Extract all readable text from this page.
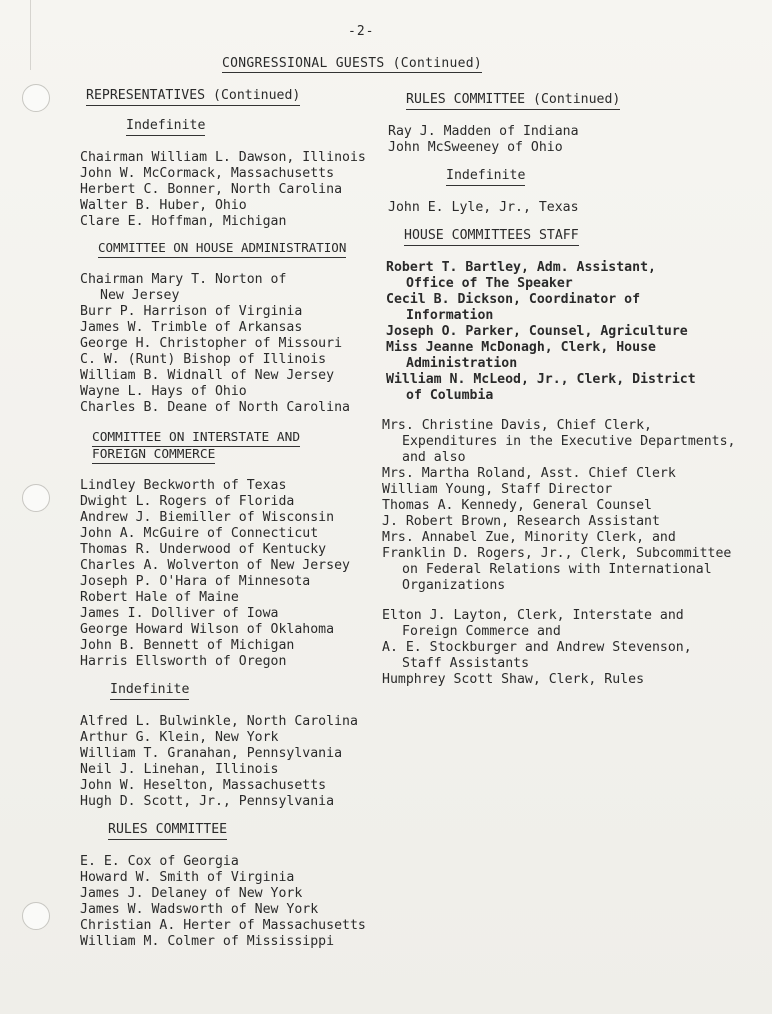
-2-
CONGRESSIONAL GUESTS (Continued)
REPRESENTATIVES (Continued)
Indefinite
Chairman William L. Dawson, Illinois
John W. McCormack, Massachusetts
Herbert C. Bonner, North Carolina
Walter B. Huber, Ohio
Clare E. Hoffman, Michigan
COMMITTEE ON HOUSE ADMINISTRATION
Chairman Mary T. Norton of
New Jersey
Burr P. Harrison of Virginia
James W. Trimble of Arkansas
George H. Christopher of Missouri
C. W. (Runt) Bishop of Illinois
William B. Widnall of New Jersey
Wayne L. Hays of Ohio
Charles B. Deane of North Carolina
COMMITTEE ON INTERSTATE AND
FOREIGN COMMERCE
Lindley Beckworth of Texas
Dwight L. Rogers of Florida
Andrew J. Biemiller of Wisconsin
John A. McGuire of Connecticut
Thomas R. Underwood of Kentucky
Charles A. Wolverton of New Jersey
Joseph P. O'Hara of Minnesota
Robert Hale of Maine
James I. Dolliver of Iowa
George Howard Wilson of Oklahoma
John B. Bennett of Michigan
Harris Ellsworth of Oregon
Indefinite
Alfred L. Bulwinkle, North Carolina
Arthur G. Klein, New York
William T. Granahan, Pennsylvania
Neil J. Linehan, Illinois
John W. Heselton, Massachusetts
Hugh D. Scott, Jr., Pennsylvania
RULES COMMITTEE
E. E. Cox of Georgia
Howard W. Smith of Virginia
James J. Delaney of New York
James W. Wadsworth of New York
Christian A. Herter of Massachusetts
William M. Colmer of Mississippi
RULES COMMITTEE (Continued)
Ray J. Madden of Indiana
John McSweeney of Ohio
Indefinite
John E. Lyle, Jr., Texas
HOUSE COMMITTEES STAFF
Robert T. Bartley, Adm. Assistant,
Office of The Speaker
Cecil B. Dickson, Coordinator of
Information
Joseph O. Parker, Counsel, Agriculture
Miss Jeanne McDonagh, Clerk, House
Administration
William N. McLeod, Jr., Clerk, District
of Columbia
Mrs. Christine Davis, Chief Clerk,
Expenditures in the Executive Departments,
and also
Mrs. Martha Roland, Asst. Chief Clerk
William Young, Staff Director
Thomas A. Kennedy, General Counsel
J. Robert Brown, Research Assistant
Mrs. Annabel Zue, Minority Clerk, and
Franklin D. Rogers, Jr., Clerk, Subcommittee
on Federal Relations with International
Organizations
Elton J. Layton, Clerk, Interstate and
Foreign Commerce and
A. E. Stockburger and Andrew Stevenson,
Staff Assistants
Humphrey Scott Shaw, Clerk, Rules
